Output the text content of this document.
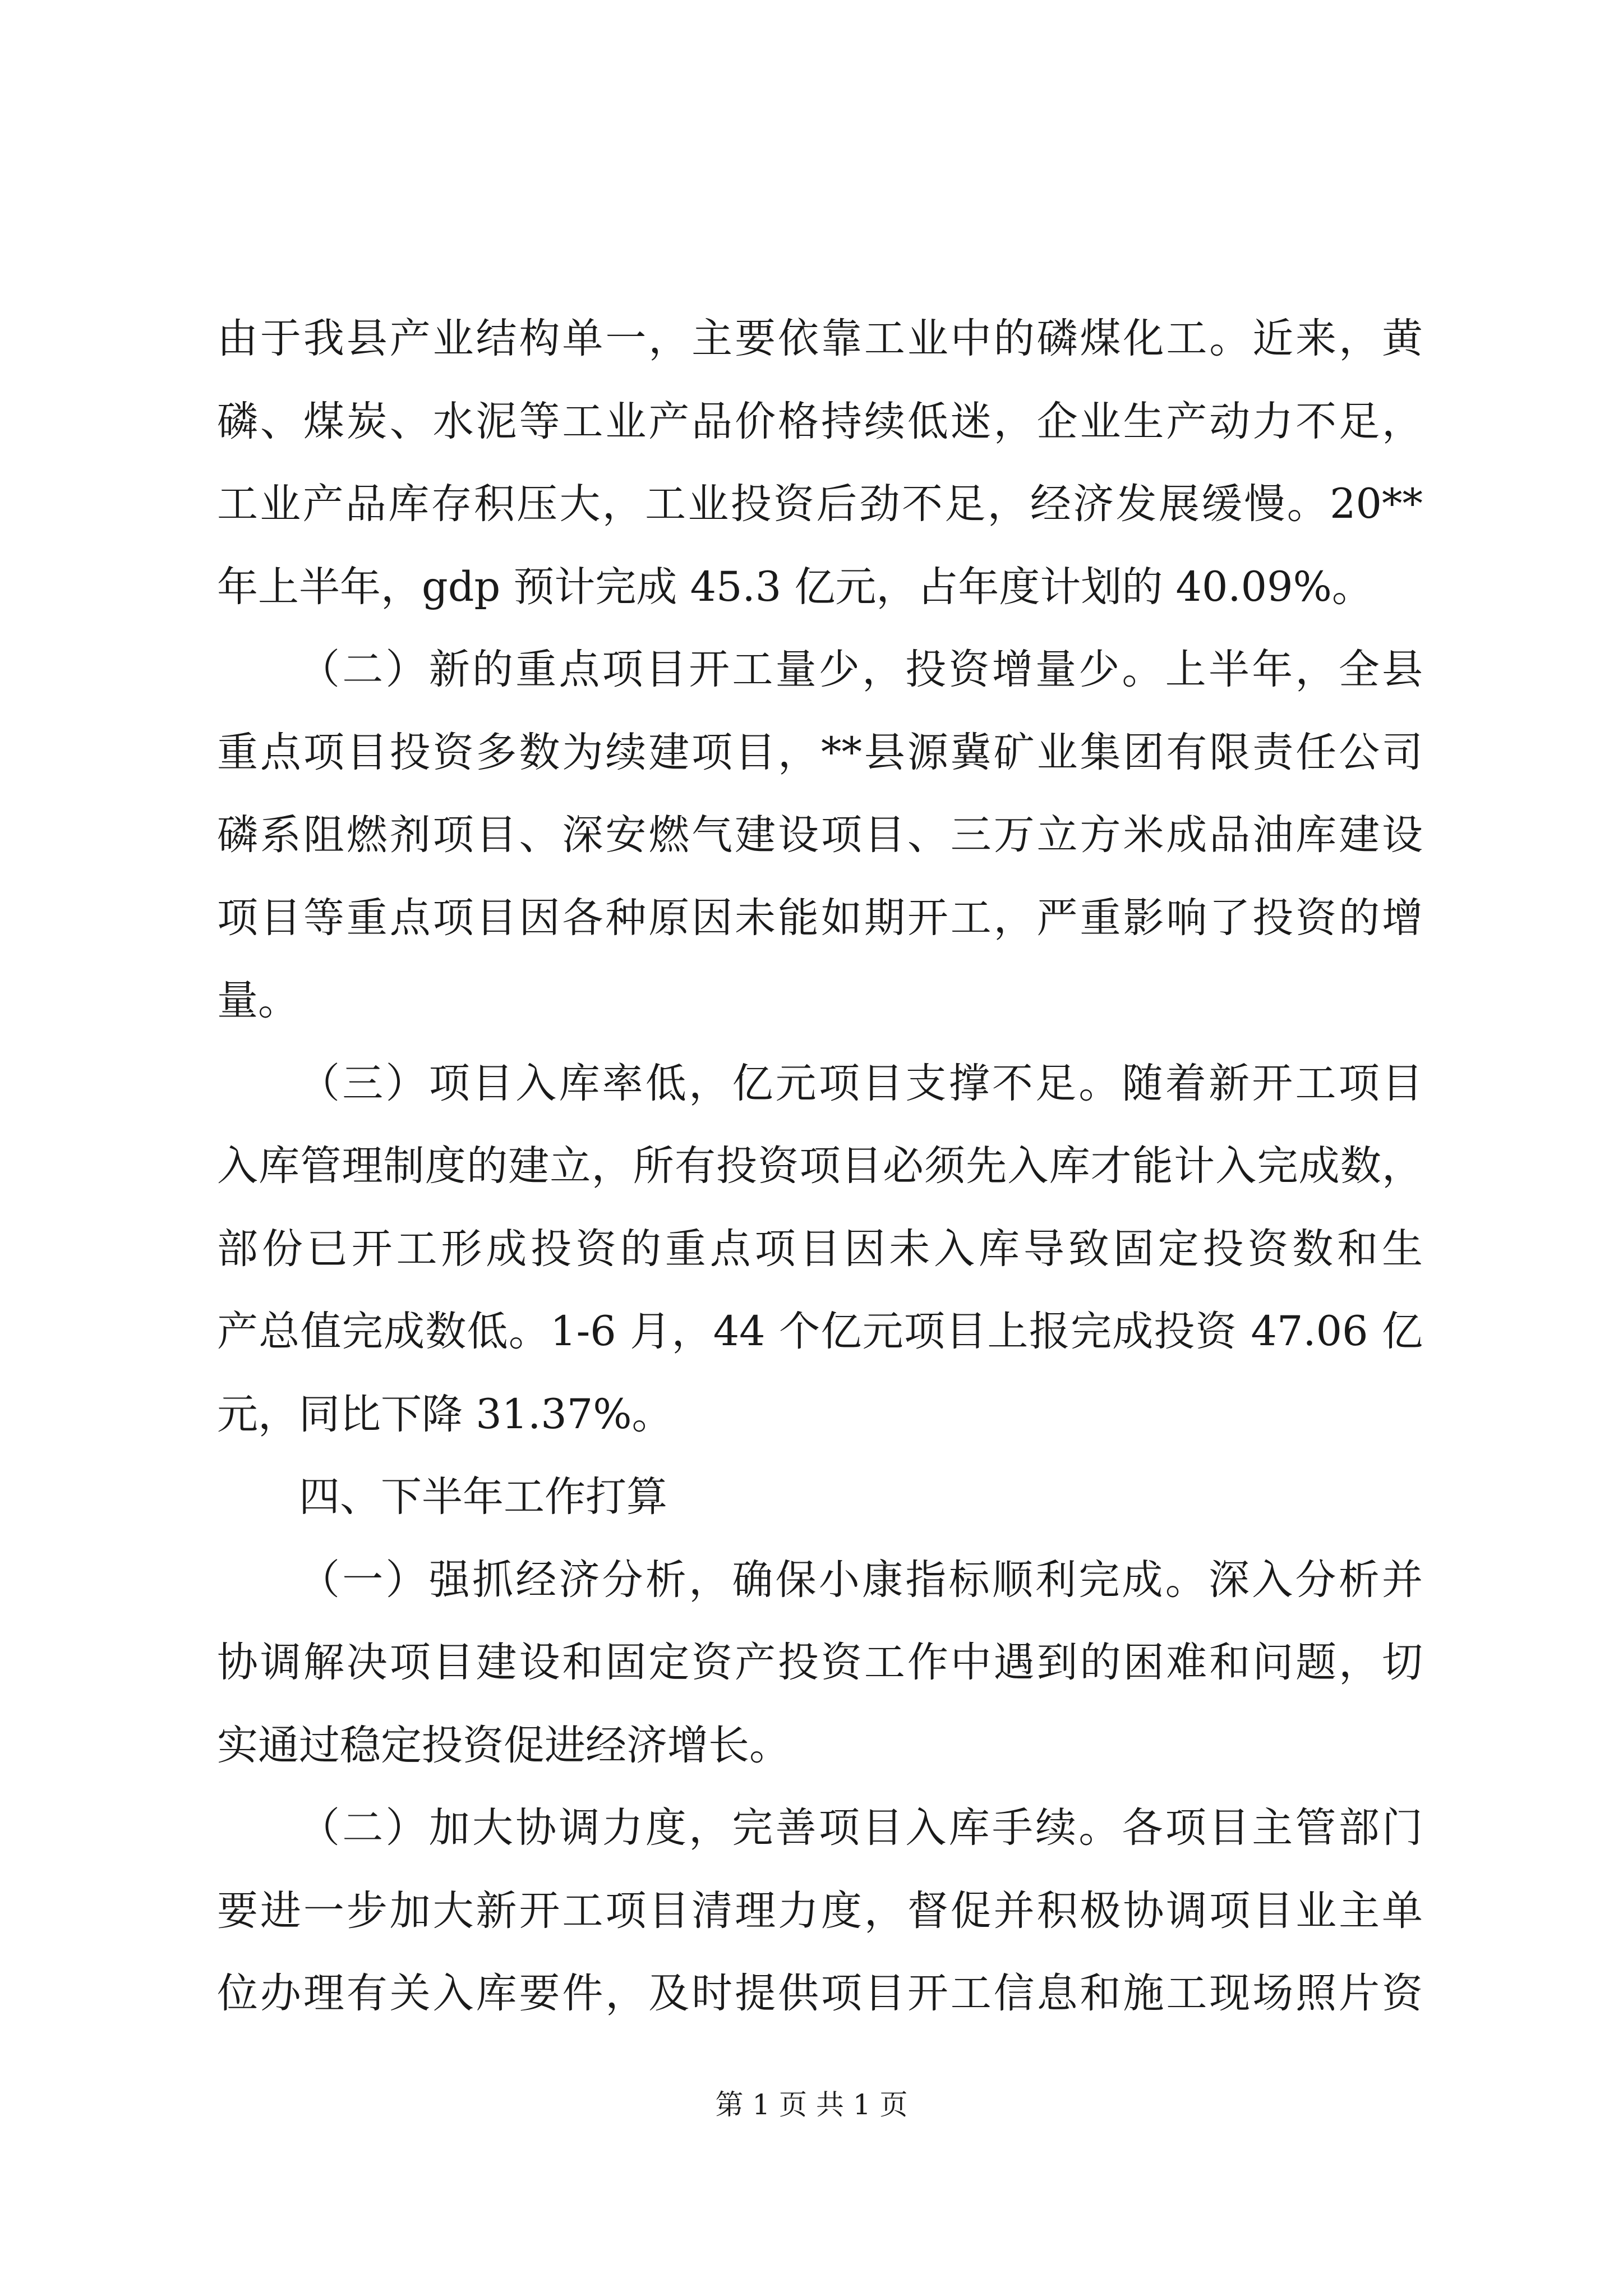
由于我县产业结构单一，主要依靠工业中的磷煤化工。近来，黄
磷、煤炭、水泥等工业产品价格持续低迷，企业生产动力不足，
工业产品库存积压大，工业投资后劲不足，经济发展缓慢。20**
年上半年，gdp 预计完成 45.3 亿元，占年度计划的 40.09%。
（二）新的重点项目开工量少，投资增量少。上半年，全县
重点项目投资多数为续建项目，**县源冀矿业集团有限责任公司
磷系阻燃剂项目、深安燃气建设项目、三万立方米成品油库建设
项目等重点项目因各种原因未能如期开工，严重影响了投资的增
量。
（三）项目入库率低，亿元项目支撑不足。随着新开工项目
入库管理制度的建立，所有投资项目必须先入库才能计入完成数，
部份已开工形成投资的重点项目因未入库导致固定投资数和生
产总值完成数低。1-6 月，44 个亿元项目上报完成投资 47.06 亿
元，同比下降 31.37%。
四、下半年工作打算
（一）强抓经济分析，确保小康指标顺利完成。深入分析并
协调解决项目建设和固定资产投资工作中遇到的困难和问题，切
实通过稳定投资促进经济增长。
（二）加大协调力度，完善项目入库手续。各项目主管部门
要进一步加大新开工项目清理力度，督促并积极协调项目业主单
位办理有关入库要件，及时提供项目开工信息和施工现场照片资
第 1 页 共 1 页
